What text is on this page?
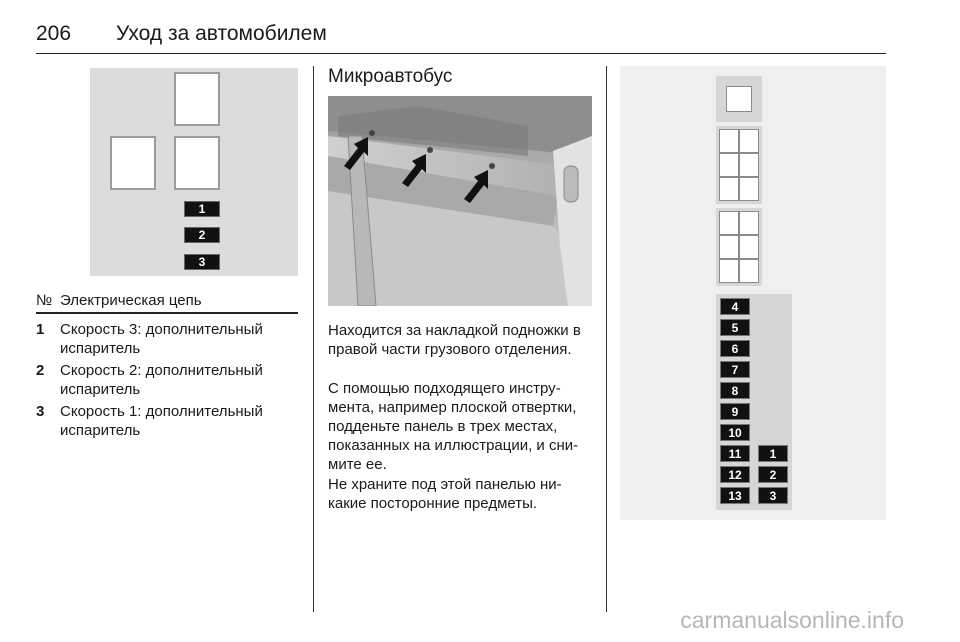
206 Уход за автомобилем
1
2
3
№ Электрическая цепь
1 Скорость 3: дополнительный испаритель
2 Скорость 2: дополнительный испаритель
3 Скорость 1: дополнительный испаритель
Микроавтобус
Находится за накладкой подножки в правой части грузового отделения.
С помощью подходящего инструмента, например плоской отвертки, подденьте панель в трех местах, показанных на иллюстрации, и снимите ее.
Не храните под этой панелью никакие посторонние предметы.
4
5
6
7
8
9
10
11
12
13
1
2
3
carmanualsonline.info
